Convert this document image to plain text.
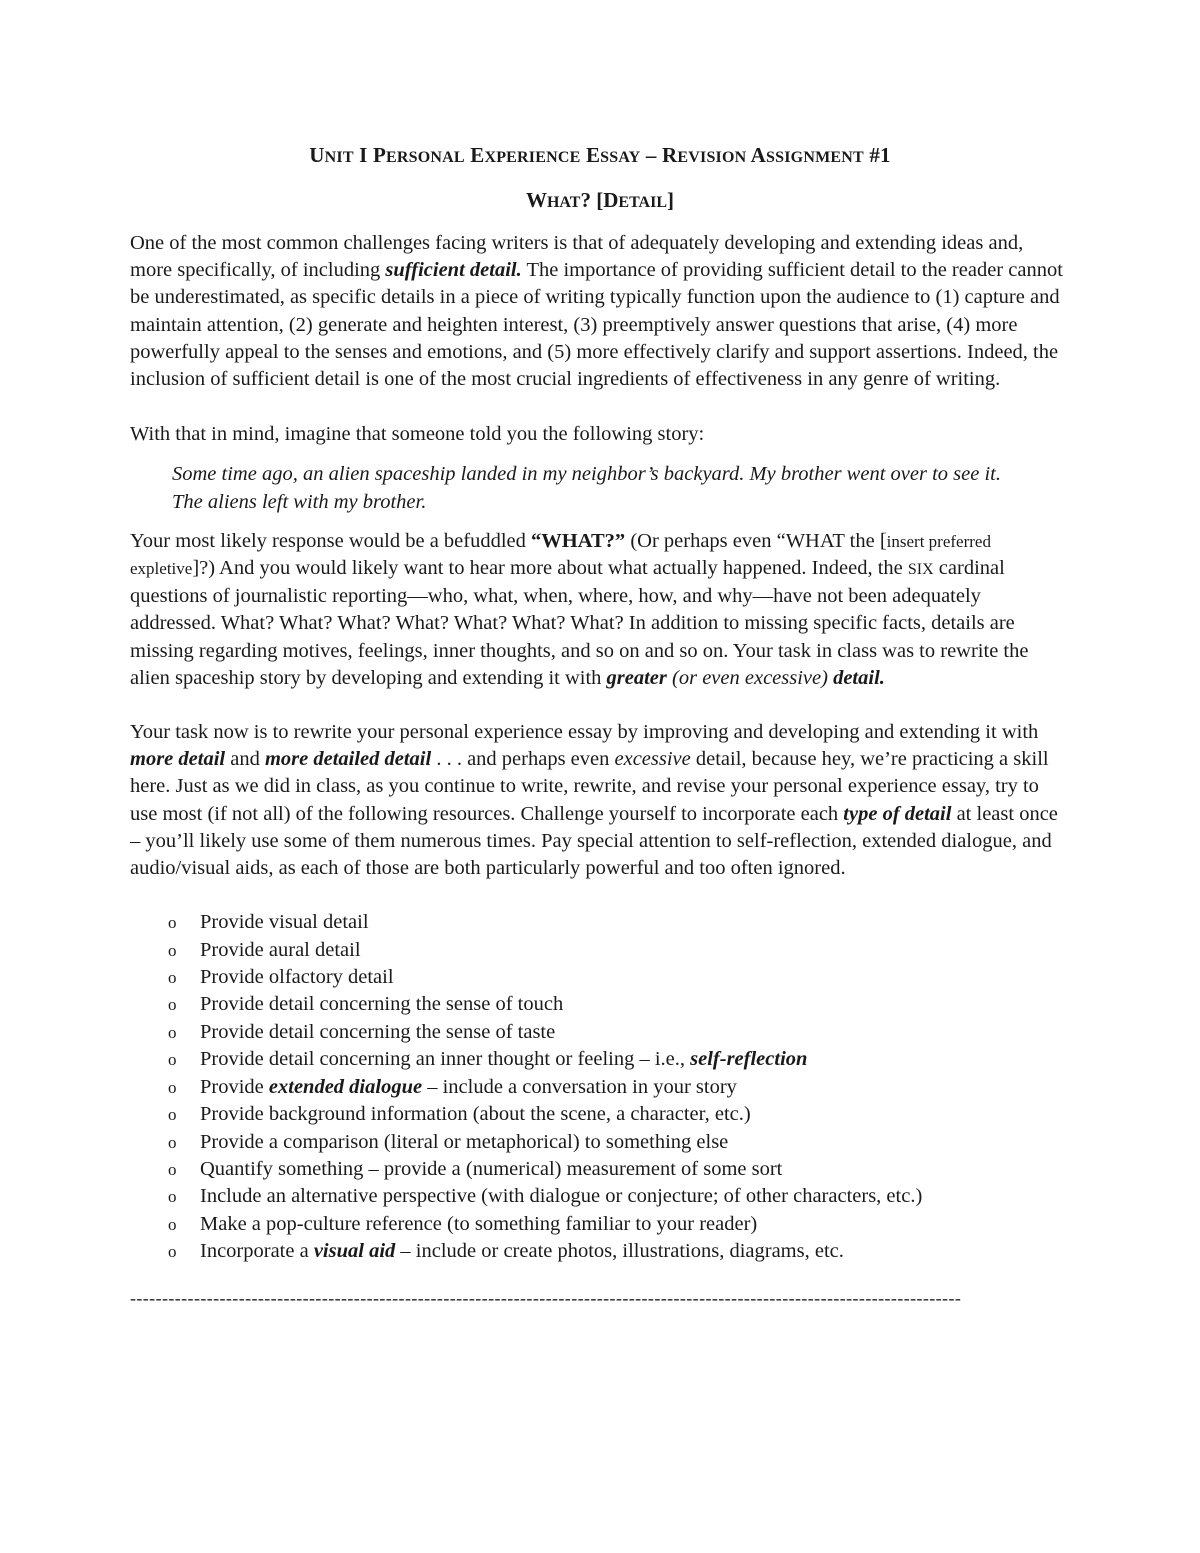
UNIT I PERSONAL EXPERIENCE ESSAY – REVISION ASSIGNMENT #1
WHAT? [DETAIL]

One of the most common challenges facing writers is that of adequately developing and extending ideas and, more specifically, of including sufficient detail. The importance of providing sufficient detail to the reader cannot be underestimated, as specific details in a piece of writing typically function upon the audience to (1) capture and maintain attention, (2) generate and heighten interest, (3) preemptively answer questions that arise, (4) more powerfully appeal to the senses and emotions, and (5) more effectively clarify and support assertions. Indeed, the inclusion of sufficient detail is one of the most crucial ingredients of effectiveness in any genre of writing.

With that in mind, imagine that someone told you the following story:

Some time ago, an alien spaceship landed in my neighbor’s backyard. My brother went over to see it. The aliens left with my brother.

Your most likely response would be a befuddled “WHAT?” (Or perhaps even “WHAT the [insert preferred expletive]?) And you would likely want to hear more about what actually happened. Indeed, the SIX cardinal questions of journalistic reporting—who, what, when, where, how, and why—have not been adequately addressed. What? What? What? What? What? What? What? In addition to missing specific facts, details are missing regarding motives, feelings, inner thoughts, and so on and so on. Your task in class was to rewrite the alien spaceship story by developing and extending it with greater (or even excessive) detail.

Your task now is to rewrite your personal experience essay by improving and developing and extending it with more detail and more detailed detail . . . and perhaps even excessive detail, because hey, we’re practicing a skill here. Just as we did in class, as you continue to write, rewrite, and revise your personal experience essay, try to use most (if not all) of the following resources. Challenge yourself to incorporate each type of detail at least once – you’ll likely use some of them numerous times. Pay special attention to self-reflection, extended dialogue, and audio/visual aids, as each of those are both particularly powerful and too often ignored.

o Provide visual detail
o Provide aural detail
o Provide olfactory detail
o Provide detail concerning the sense of touch
o Provide detail concerning the sense of taste
o Provide detail concerning an inner thought or feeling – i.e., self-reflection
o Provide extended dialogue – include a conversation in your story
o Provide background information (about the scene, a character, etc.)
o Provide a comparison (literal or metaphorical) to something else
o Quantify something – provide a (numerical) measurement of some sort
o Include an alternative perspective (with dialogue or conjecture; of other characters, etc.)
o Make a pop-culture reference (to something familiar to your reader)
o Incorporate a visual aid – include or create photos, illustrations, diagrams, etc.
----------------------------------------------------------------------------------------------------------------------------------
